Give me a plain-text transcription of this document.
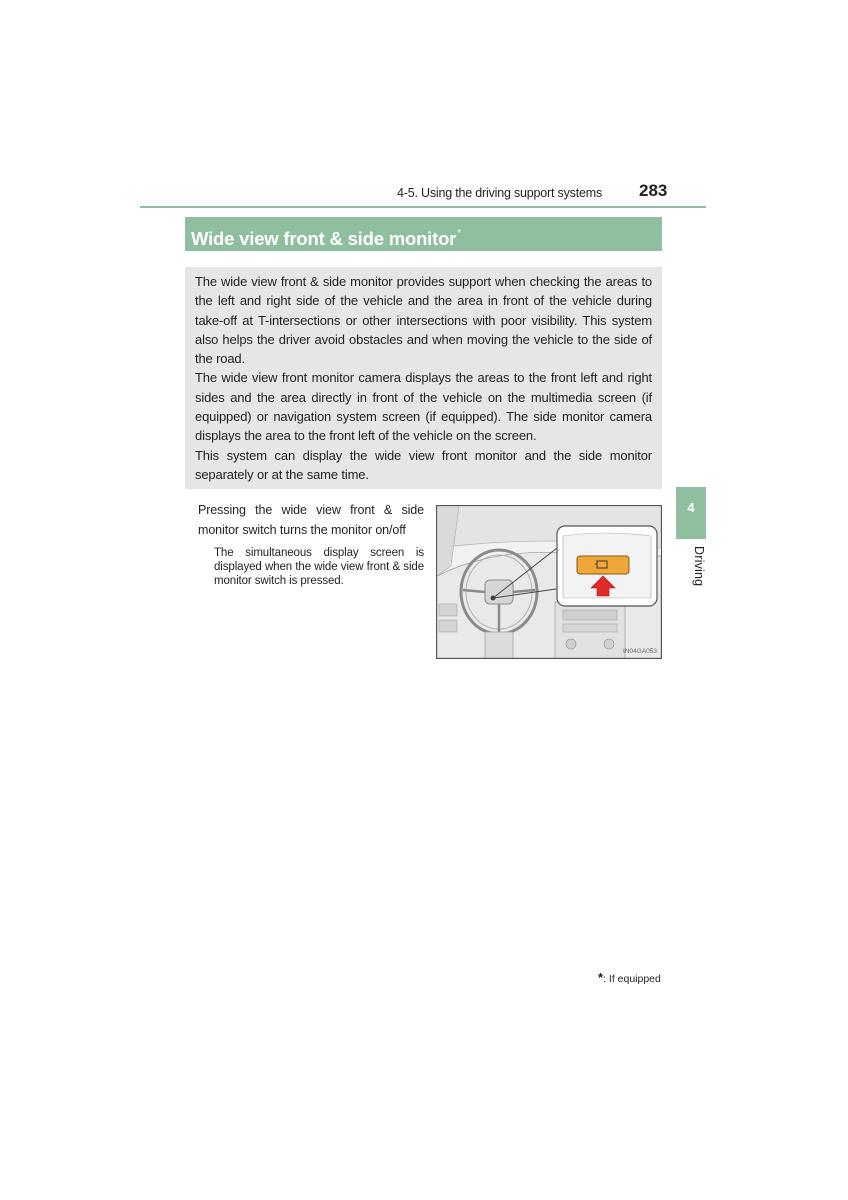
4-5. Using the driving support systems 283
Wide view front & side monitor*

The wide view front & side monitor provides support when checking the areas to the left and right side of the vehicle and the area in front of the vehicle during take-off at T-intersections or other intersections with poor visibility. This system also helps the driver avoid obstacles and when moving the vehicle to the side of the road.

The wide view front monitor camera displays the areas to the front left and right sides and the area directly in front of the vehicle on the multimedia screen (if equipped) or navigation system screen (if equipped). The side monitor camera displays the area to the front left of the vehicle on the screen.

This system can display the wide view front monitor and the side monitor separately or at the same time.

Pressing the wide view front & side monitor switch turns the monitor on/off
The simultaneous display screen is displayed when the wide view front & side monitor switch is pressed.
IN04GA053
4
Driving
*: If equipped
